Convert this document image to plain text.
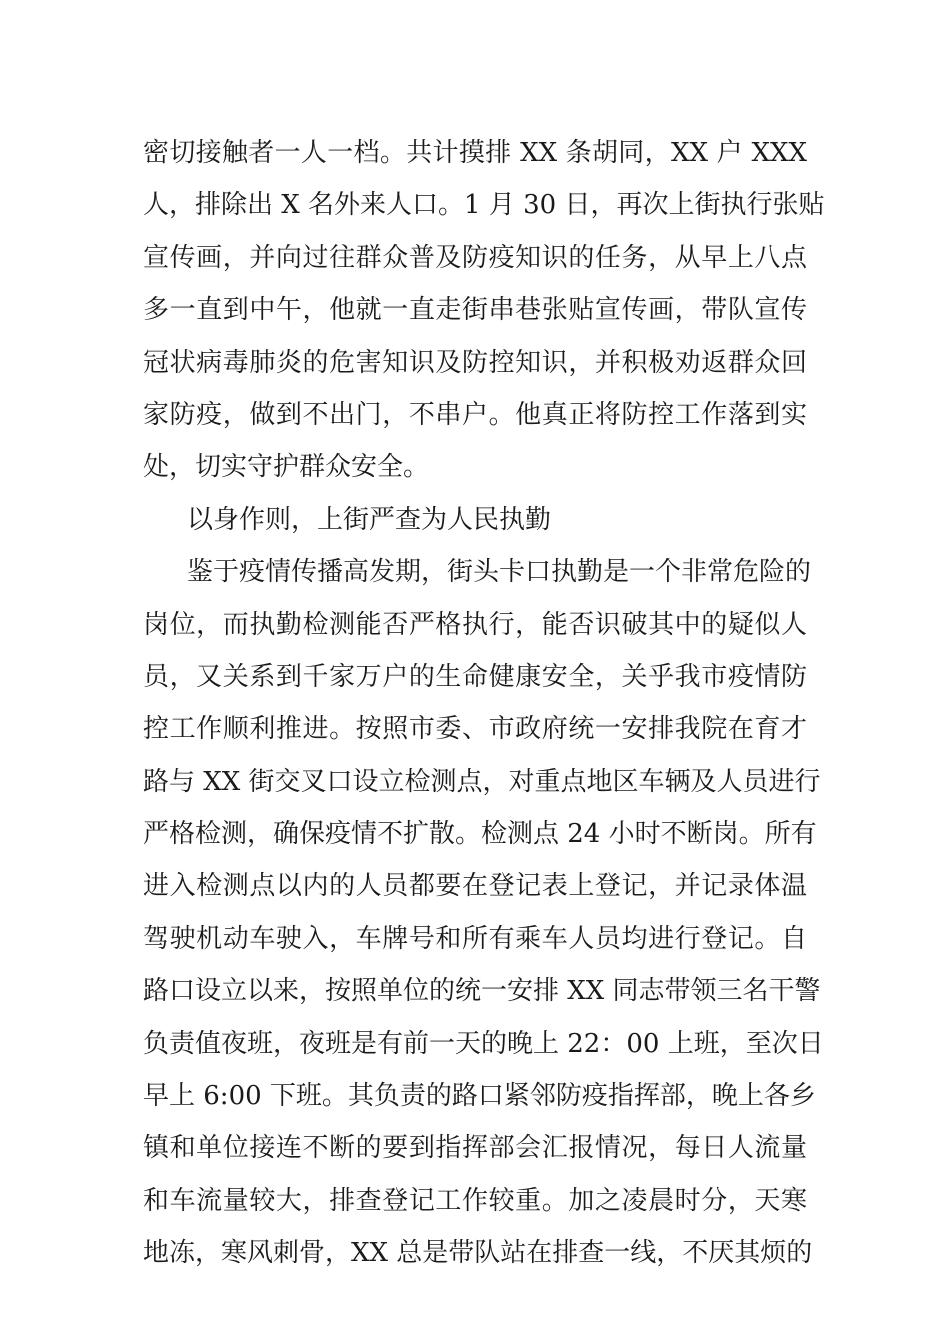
密切接触者一人一档。共计摸排 XX 条胡同，XX 户 XXX
人，排除出 X 名外来人口。1 月 30 日，再次上街执行张贴
宣传画，并向过往群众普及防疫知识的任务，从早上八点
多一直到中午，他就一直走街串巷张贴宣传画，带队宣传
冠状病毒肺炎的危害知识及防控知识，并积极劝返群众回
家防疫，做到不出门，不串户。他真正将防控工作落到实
处，切实守护群众安全。
以身作则，上街严查为人民执勤
鉴于疫情传播高发期，街头卡口执勤是一个非常危险的
岗位，而执勤检测能否严格执行，能否识破其中的疑似人
员，又关系到千家万户的生命健康安全，关乎我市疫情防
控工作顺利推进。按照市委、市政府统一安排我院在育才
路与 XX 街交叉口设立检测点，对重点地区车辆及人员进行
严格检测，确保疫情不扩散。检测点 24 小时不断岗。所有
进入检测点以内的人员都要在登记表上登记，并记录体温
驾驶机动车驶入，车牌号和所有乘车人员均进行登记。自
路口设立以来，按照单位的统一安排 XX 同志带领三名干警
负责值夜班，夜班是有前一天的晚上 22：00 上班，至次日
早上 6:00 下班。其负责的路口紧邻防疫指挥部，晚上各乡
镇和单位接连不断的要到指挥部会汇报情况，每日人流量
和车流量较大，排查登记工作较重。加之凌晨时分，天寒
地冻，寒风刺骨，XX 总是带队站在排查一线，不厌其烦的
